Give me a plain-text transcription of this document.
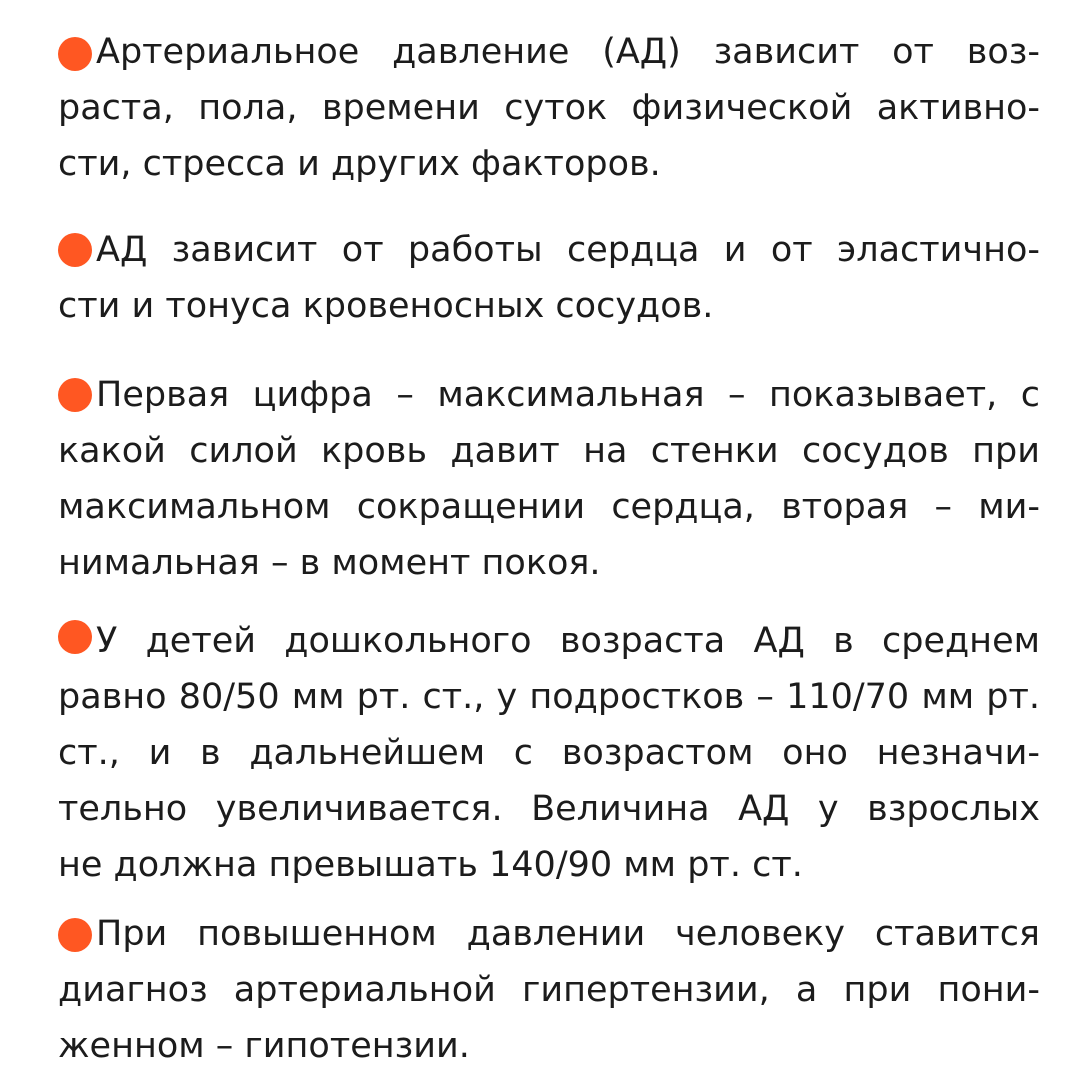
Артериальное давление (АД) зависит от воз-
раста, пола, времени суток физической активно-
сти, стресса и других факторов.
АД зависит от работы сердца и от эластично-
сти и тонуса кровеносных сосудов.
Первая цифра – максимальная – показывает, с
какой силой кровь давит на стенки сосудов при
максимальном сокращении сердца, вторая – ми-
нимальная – в момент покоя.
У детей дошкольного возраста АД в среднем
равно 80/50 мм рт. ст., у подростков – 110/70 мм рт.
ст., и в дальнейшем с возрастом оно незначи-
тельно увеличивается. Величина АД у взрослых
не должна превышать 140/90 мм рт. ст.
При повышенном давлении человеку ставится
диагноз артериальной гипертензии, а при пони-
женном – гипотензии.
